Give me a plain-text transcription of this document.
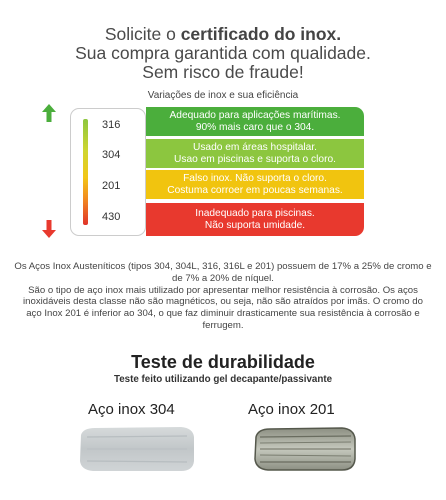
Solicite o certificado do inox.
Sua compra garantida com qualidade.
Sem risco de fraude!
Variações de inox e sua eficiência
316
304
201
430
Adequado para aplicações marítimas.
90% mais caro que o 304.
Usado em áreas hospitalar.
Usao em piscinas e suporta o cloro.
Falso inox. Não suporta o cloro.
Costuma corroer em poucas semanas.
Inadequado para piscinas.
Não suporta umidade.
Os Aços Inox Austeníticos (tipos 304, 304L, 316, 316L e 201) possuem de 17% a 25% de cromo e de 7% a 20% de níquel.
São o tipo de aço inox mais utilizado por apresentar melhor resistência à corrosão. Os aços inoxidáveis desta classe não são magnéticos, ou seja, não são atraídos por imãs. O cromo do aço Inox 201 é inferior ao 304, o que faz diminuir drasticamente sua resistência à corrosão e ferrugem.
Teste de durabilidade
Teste feito utilizando gel decapante/passivante
Aço inox 304	Aço inox 201
